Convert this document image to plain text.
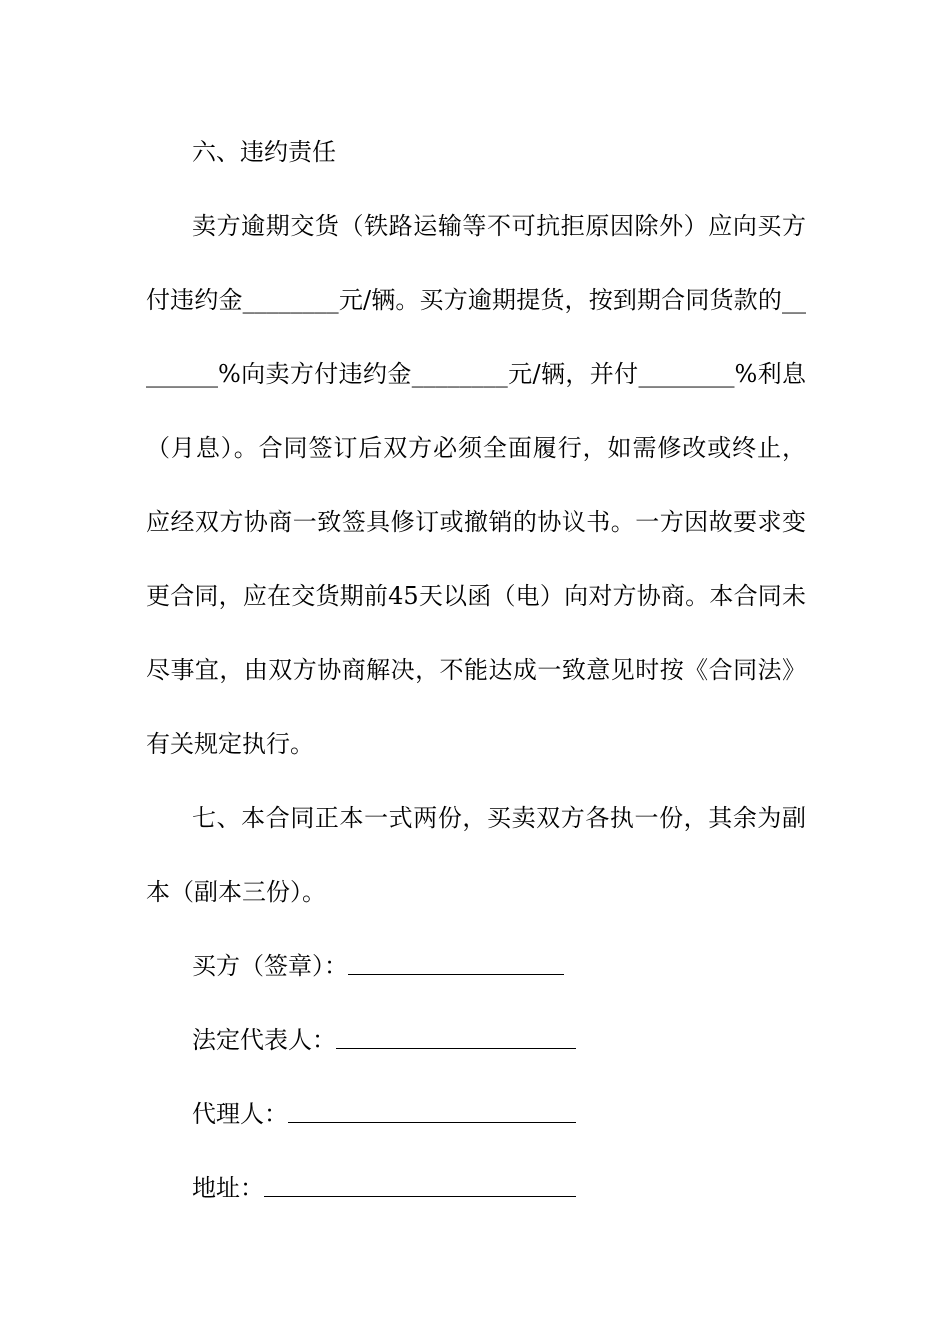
六、违约责任
卖方逾期交货（铁路运输等不可抗拒原因除外）应向买方
付违约金________元/辆。买方逾期提货，按到期合同货款的__
______%向卖方付违约金________元/辆，并付________%利息
（月息）。合同签订后双方必须全面履行，如需修改或终止，
应经双方协商一致签具修订或撤销的协议书。一方因故要求变
更合同，应在交货期前45天以函（电）向对方协商。本合同未
尽事宜，由双方协商解决，不能达成一致意见时按《合同法》
有关规定执行。
七、本合同正本一式两份，买卖双方各执一份，其余为副
本（副本三份）。
买方（签章）：
法定代表人：
代理人：
地址：
